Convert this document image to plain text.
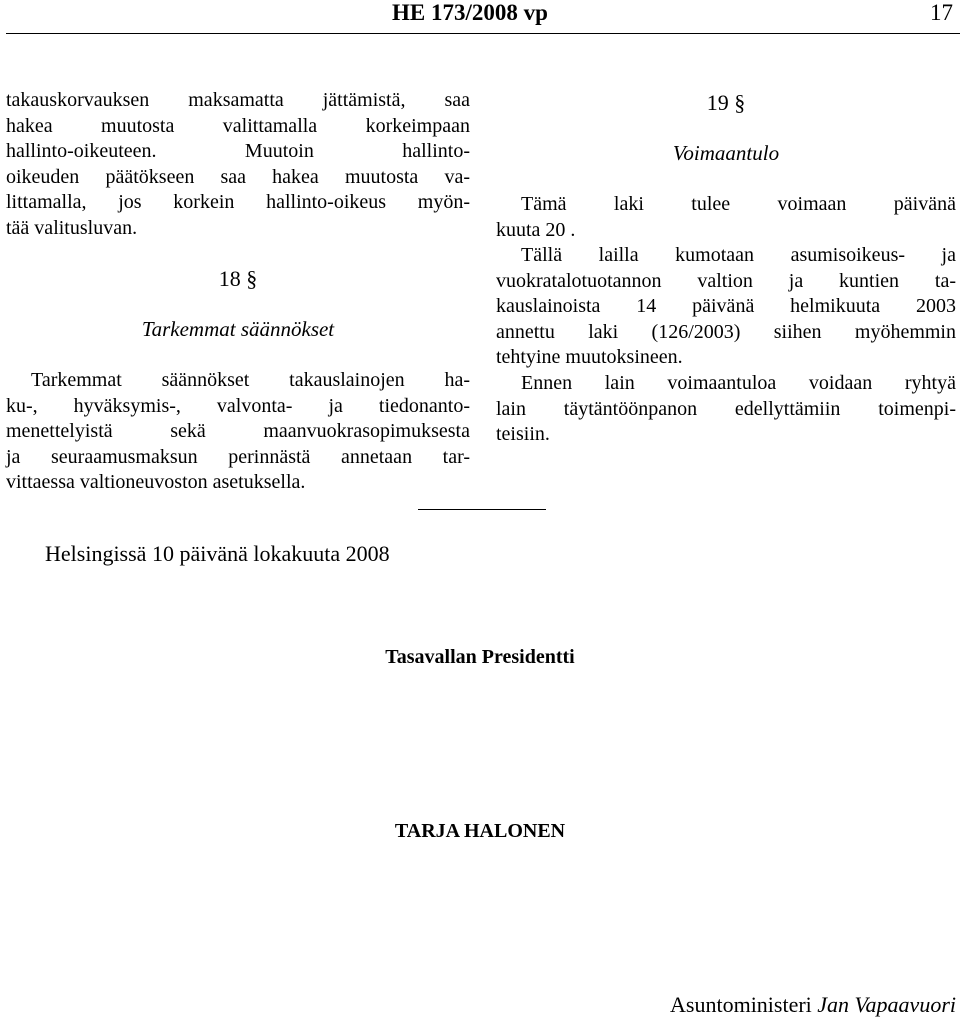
HE 173/2008 vp	17
takauskorvauksen maksamatta jättämistä, saa
hakea muutosta valittamalla korkeimpaan
hallinto-oikeuteen. Muutoin hallinto-
oikeuden päätökseen saa hakea muutosta va-
littamalla, jos korkein hallinto-oikeus myön-
tää valitusluvan.
18 §
Tarkemmat säännökset
Tarkemmat säännökset takauslainojen ha-
ku-, hyväksymis-, valvonta- ja tiedonanto-
menettelyistä sekä maanvuokrasopimuksesta
ja seuraamusmaksun perinnästä annetaan tar-
vittaessa valtioneuvoston asetuksella.
19 §
Voimaantulo
Tämä laki tulee voimaan päivänä
kuuta 20 .
Tällä lailla kumotaan asumisoikeus- ja
vuokratalotuotannon valtion ja kuntien ta-
kauslainoista 14 päivänä helmikuuta 2003
annettu laki (126/2003) siihen myöhemmin
tehtyine muutoksineen.
Ennen lain voimaantuloa voidaan ryhtyä
lain täytäntöönpanon edellyttämiin toimenpi-
teisiin.
Helsingissä 10 päivänä lokakuuta 2008
Tasavallan Presidentti
TARJA HALONEN
Asuntoministeri Jan Vapaavuori
